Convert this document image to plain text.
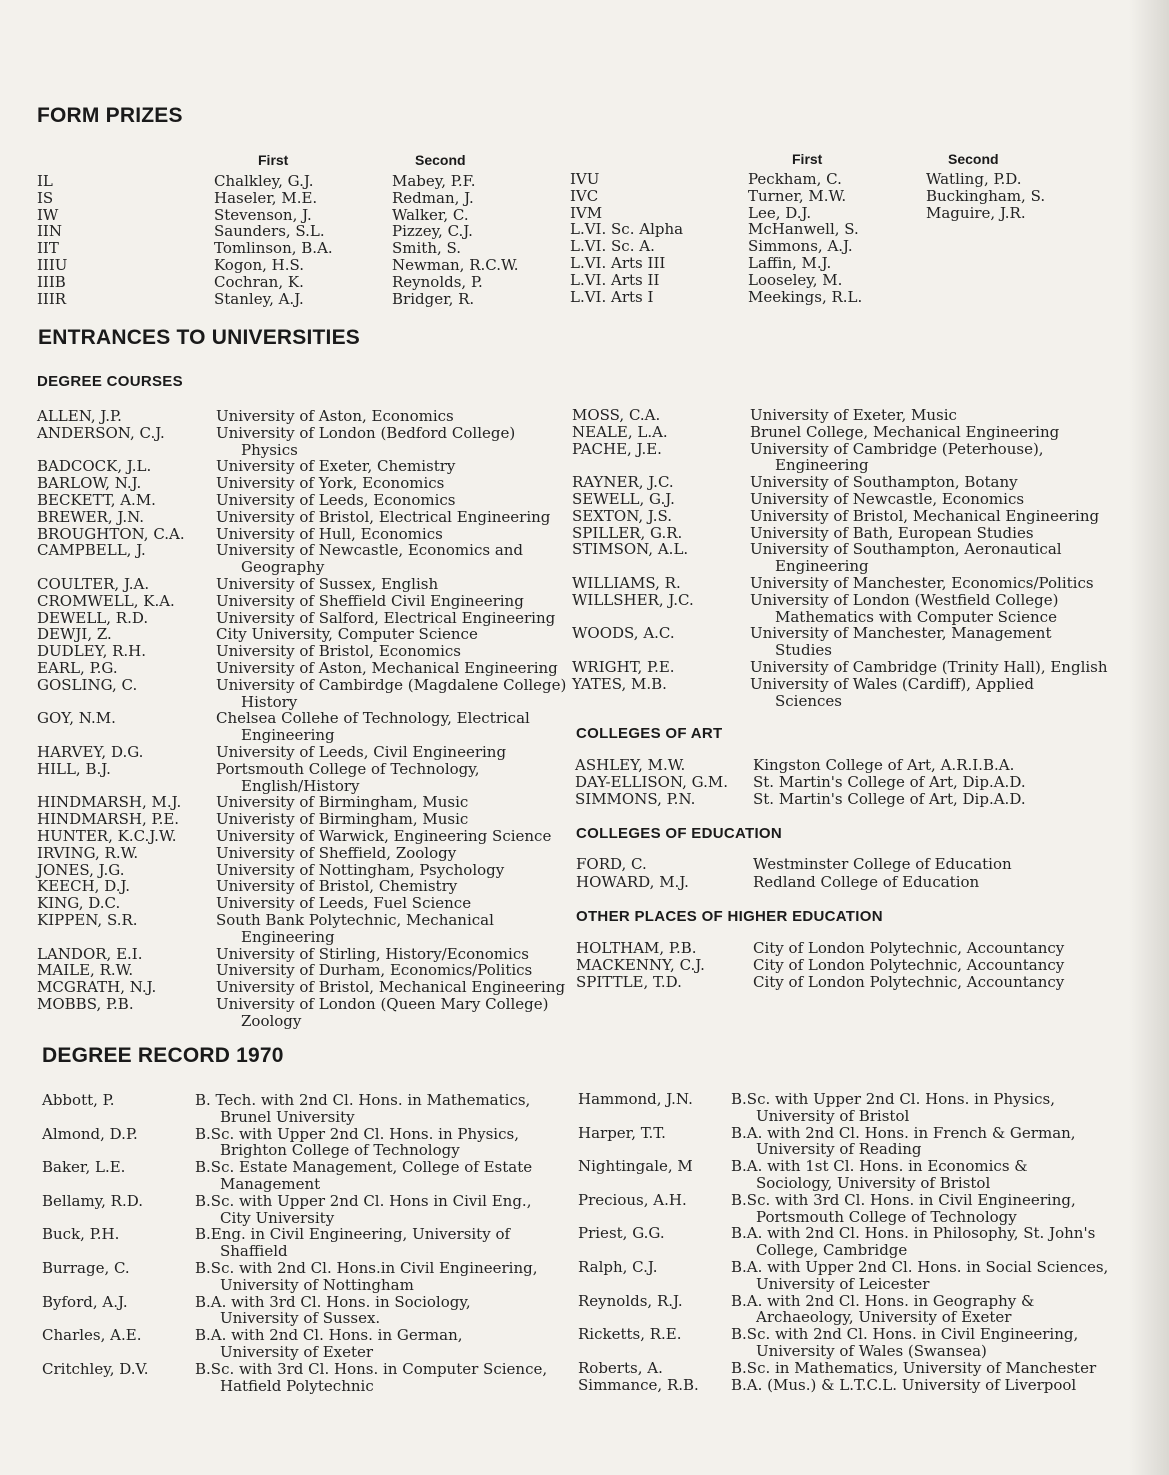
FORM PRIZES
First	Second	First	Second
IL	Chalkley, G.J.	Mabey, P.F.
IS	Haseler, M.E.	Redman, J.
IW	Stevenson, J.	Walker, C.
IIN	Saunders, S.L.	Pizzey, C.J.
IIT	Tomlinson, B.A.	Smith, S.
IIIU	Kogon, H.S.	Newman, R.C.W.
IIIB	Cochran, K.	Reynolds, P.
IIIR	Stanley, A.J.	Bridger, R.
IVU	Peckham, C.	Watling, P.D.
IVC	Turner, M.W.	Buckingham, S.
IVM	Lee, D.J.	Maguire, J.R.
L.VI. Sc. Alpha	McHanwell, S.
L.VI. Sc. A.	Simmons, A.J.
L.VI. Arts III	Laffin, M.J.
L.VI. Arts II	Looseley, M.
L.VI. Arts I	Meekings, R.L.
ENTRANCES TO UNIVERSITIES
DEGREE COURSES
ALLEN, J.P.	University of Aston, Economics
ANDERSON, C.J.	University of London (Bedford College)
Physics
BADCOCK, J.L.	University of Exeter, Chemistry
BARLOW, N.J.	University of York, Economics
BECKETT, A.M.	University of Leeds, Economics
BREWER, J.N.	University of Bristol, Electrical Engineering
BROUGHTON, C.A. University of Hull, Economics
CAMPBELL, J.	University of Newcastle, Economics and
Geography
COULTER, J.A.	University of Sussex, English
CROMWELL, K.A.	University of Sheffield Civil Engineering
DEWELL, R.D.	University of Salford, Electrical Engineering
DEWJI, Z.	City University, Computer Science
DUDLEY, R.H.	University of Bristol, Economics
EARL, P.G.	University of Aston, Mechanical Engineering
GOSLING, C.	University of Cambirdge (Magdalene College)
History
GOY, N.M.	Chelsea Collehe of Technology, Electrical
Engineering
HARVEY, D.G.	University of Leeds, Civil Engineering
HILL, B.J.	Portsmouth College of Technology,
English/History
HINDMARSH, M.J. University of Birmingham, Music
HINDMARSH, P.E. Univeristy of Birmingham, Music
HUNTER, K.C.J.W.	University of Warwick, Engineering Science
IRVING, R.W.	University of Sheffield, Zoology
JONES, J.G.	University of Nottingham, Psychology
KEECH, D.J.	University of Bristol, Chemistry
KING, D.C.	University of Leeds, Fuel Science
KIPPEN, S.R.	South Bank Polytechnic, Mechanical
Engineering
LANDOR, E.I.	University of Stirling, History/Economics
MAILE, R.W.	University of Durham, Economics/Politics
MCGRATH, N.J.	University of Bristol, Mechanical Engineering
MOBBS, P.B.	University of London (Queen Mary College)
Zoology
MOSS, C.A.	University of Exeter, Music
NEALE, L.A.	Brunel College, Mechanical Engineering
PACHE, J.E.	University of Cambridge (Peterhouse),
Engineering
RAYNER, J.C.	University of Southampton, Botany
SEWELL, G.J.	University of Newcastle, Economics
SEXTON, J.S.	University of Bristol, Mechanical Engineering
SPILLER, G.R.	University of Bath, European Studies
STIMSON, A.L.	University of Southampton, Aeronautical
Engineering
WILLIAMS, R.	University of Manchester, Economics/Politics
WILLSHER, J.C.	University of London (Westfield College)
Mathematics with Computer Science
WOODS, A.C.	University of Manchester, Management
Studies
WRIGHT, P.E.	University of Cambridge (Trinity Hall), English
YATES, M.B.	University of Wales (Cardiff), Applied
Sciences
COLLEGES OF ART
ASHLEY, M.W.	Kingston College of Art, A.R.I.B.A.
DAY-ELLISON, G.M. St. Martin's College of Art, Dip.A.D.
SIMMONS, P.N.	St. Martin's College of Art, Dip.A.D.
COLLEGES OF EDUCATION
FORD, C.	Westminster College of Education
HOWARD, M.J.	Redland College of Education
OTHER PLACES OF HIGHER EDUCATION
HOLTHAM, P.B.	City of London Polytechnic, Accountancy
MACKENNY, C.J.	City of London Polytechnic, Accountancy
SPITTLE, T.D.	City of London Polytechnic, Accountancy
DEGREE RECORD 1970
Abbott, P.	B. Tech. with 2nd Cl. Hons. in Mathematics,
Brunel University
Almond, D.P.	B.Sc. with Upper 2nd Cl. Hons. in Physics,
Brighton College of Technology
Baker, L.E.	B.Sc. Estate Management, College of Estate
Management
Bellamy, R.D.	B.Sc. with Upper 2nd Cl. Hons in Civil Eng.,
City University
Buck, P.H.	B.Eng. in Civil Engineering, University of
Shaffield
Burrage, C.	B.Sc. with 2nd Cl. Hons.in Civil Engineering,
University of Nottingham
Byford, A.J.	B.A. with 3rd Cl. Hons. in Sociology,
University of Sussex.
Charles, A.E.	B.A. with 2nd Cl. Hons. in German,
University of Exeter
Critchley, D.V.	B.Sc. with 3rd Cl. Hons. in Computer Science,
Hatfield Polytechnic
Hammond, J.N.	B.Sc. with Upper 2nd Cl. Hons. in Physics,
University of Bristol
Harper, T.T.	B.A. with 2nd Cl. Hons. in French & German,
University of Reading
Nightingale, M	B.A. with 1st Cl. Hons. in Economics &
Sociology, University of Bristol
Precious, A.H.	B.Sc. with 3rd Cl. Hons. in Civil Engineering,
Portsmouth College of Technology
Priest, G.G.	B.A. with 2nd Cl. Hons. in Philosophy, St. John's
College, Cambridge
Ralph, C.J.	B.A. with Upper 2nd Cl. Hons. in Social Sciences,
University of Leicester
Reynolds, R.J.	B.A. with 2nd Cl. Hons. in Geography &
Archaeology, University of Exeter
Ricketts, R.E.	B.Sc. with 2nd Cl. Hons. in Civil Engineering,
University of Wales (Swansea)
Roberts, A.	B.Sc. in Mathematics, University of Manchester
Simmance, R.B. B.A. (Mus.) & L.T.C.L. University of Liverpool
